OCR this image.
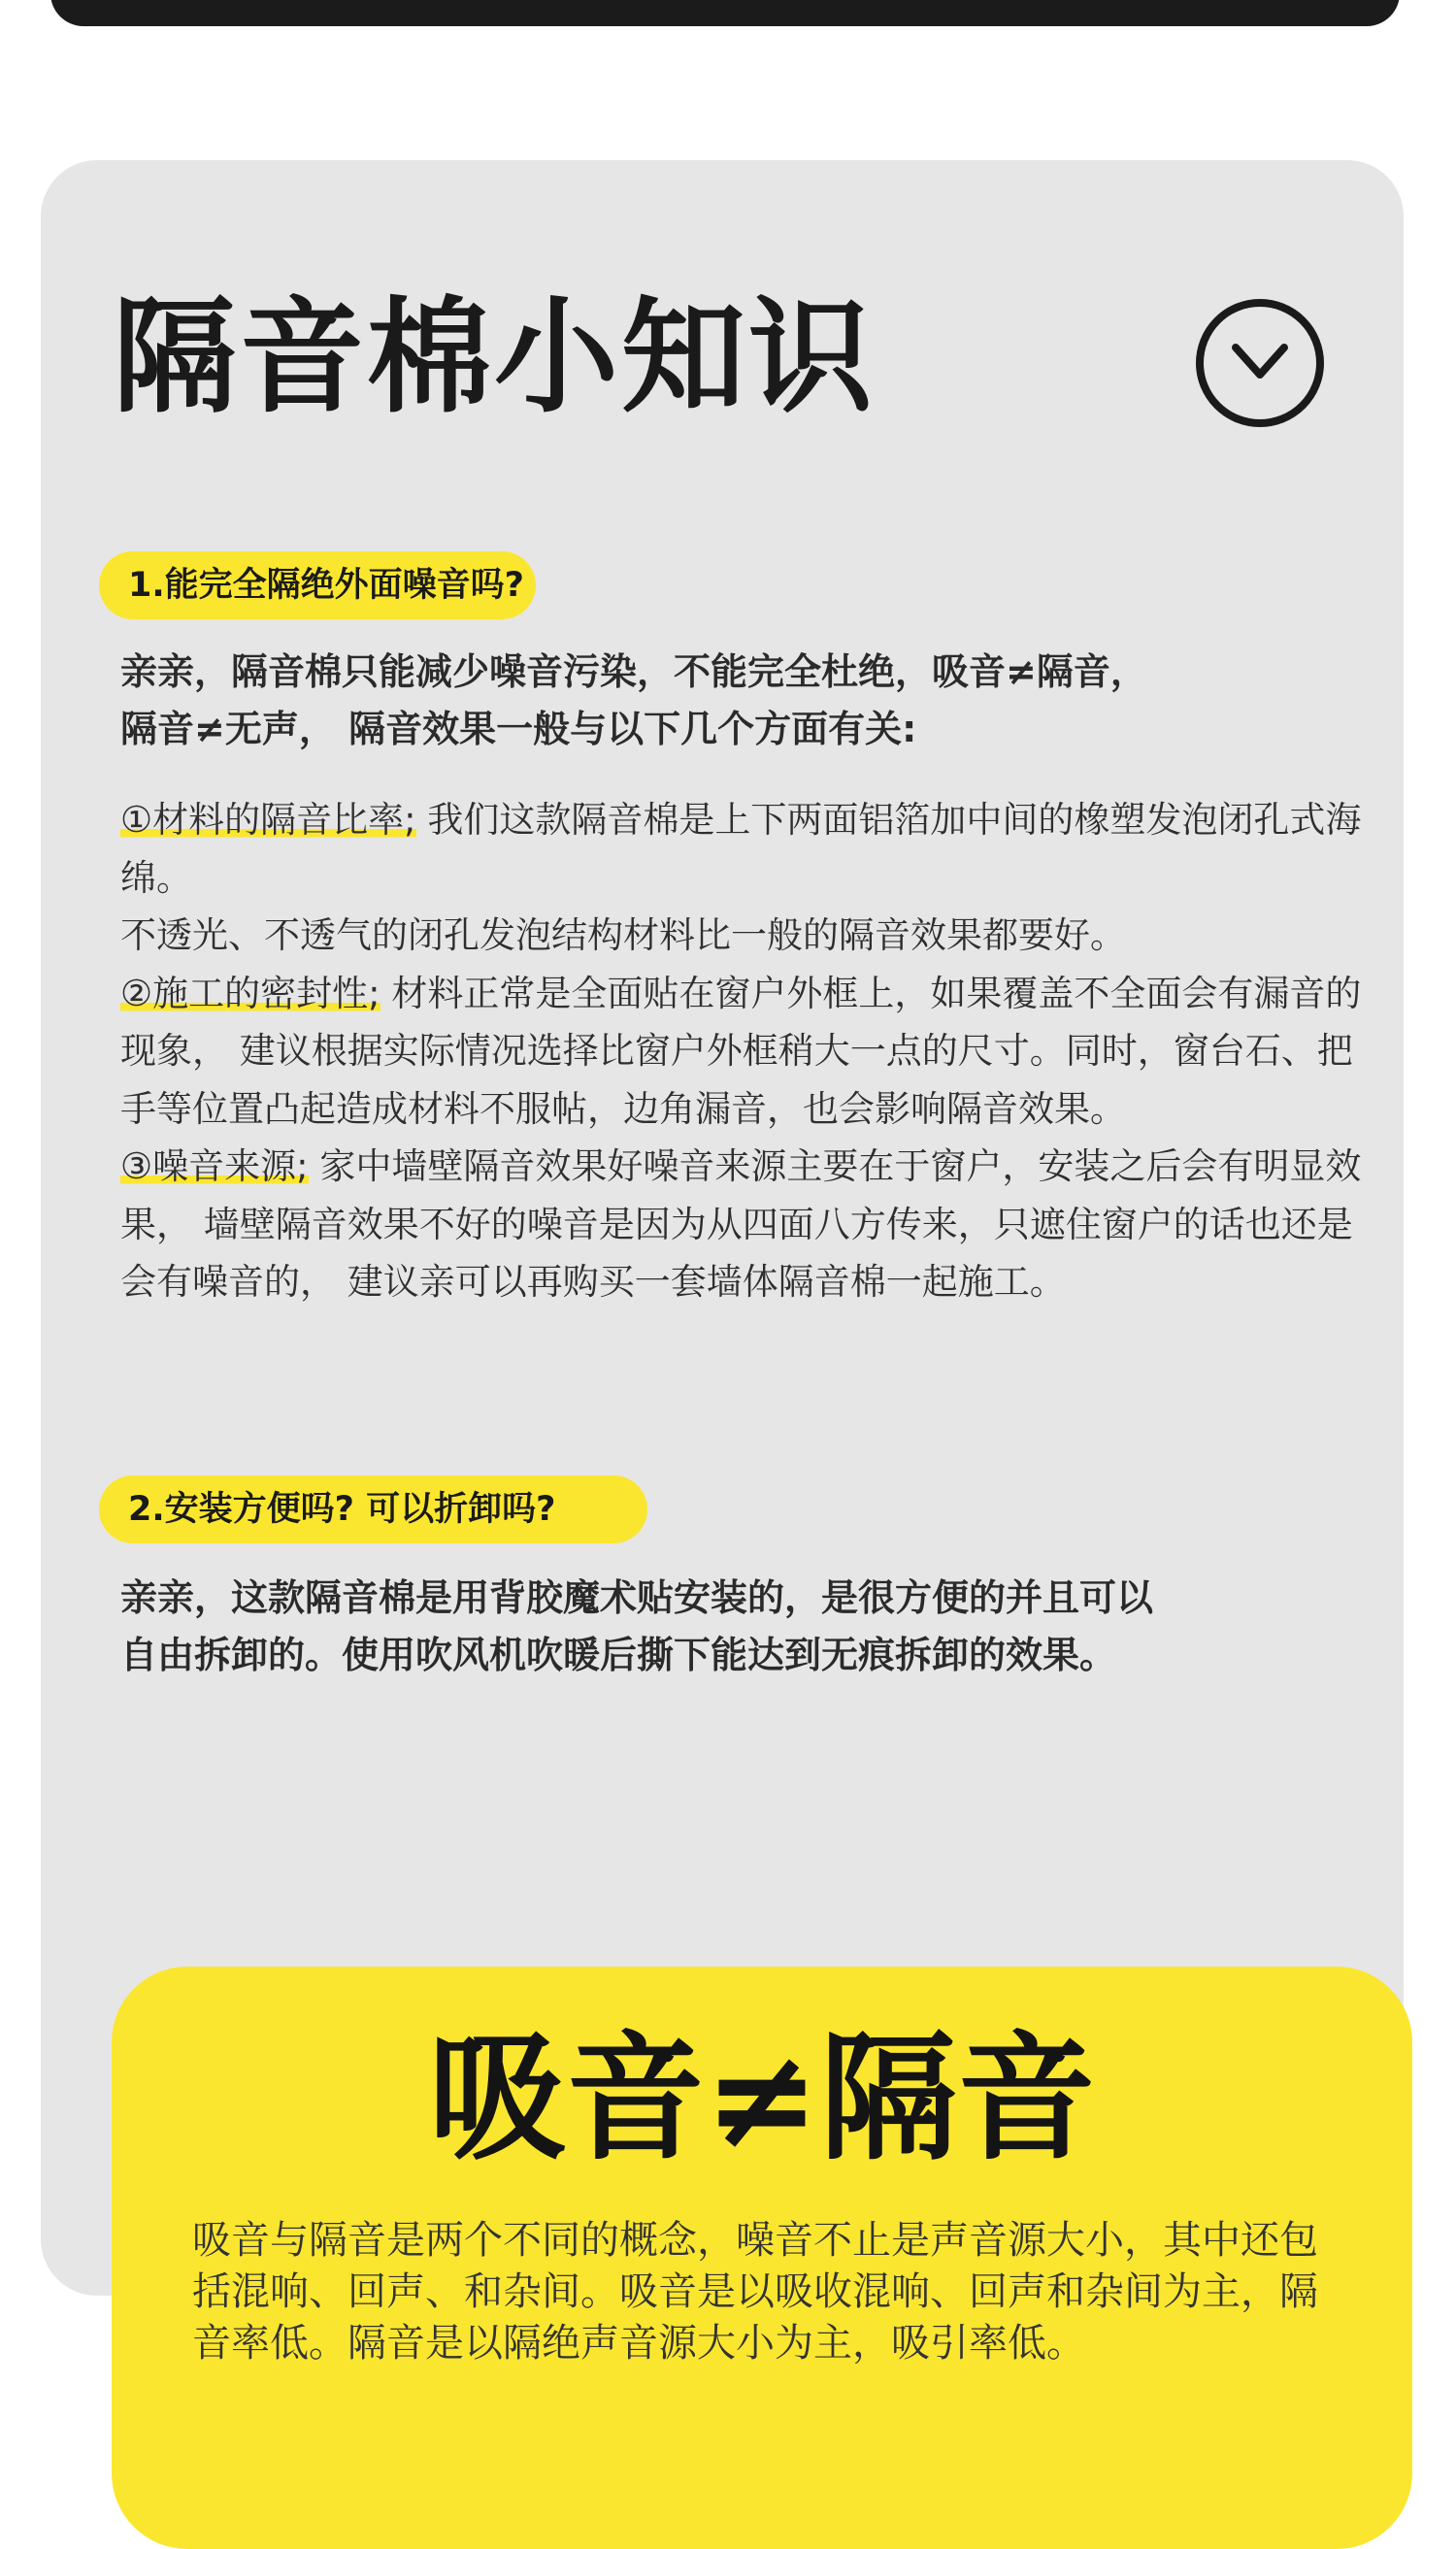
隔音棉小知识
1.能完全隔绝外面噪音吗?

亲亲，隔音棉只能减少噪音污染，不能完全杜绝，吸音≠隔音，
隔音≠无声， 隔音效果一般与以下几个方面有关:

①材料的隔音比率; 我们这款隔音棉是上下两面铝箔加中间的橡塑发泡闭孔式海绵。
不透光、不透气的闭孔发泡结构材料比一般的隔音效果都要好。

②施工的密封性; 材料正常是全面贴在窗户外框上，如果覆盖不全面会有漏音的现象， 建议根据实际情况选择比窗户外框稍大一点的尺寸。同时，窗台石、把手等位置凸起造成材料不服帖，边角漏音，也会影响隔音效果。

③噪音来源; 家中墙壁隔音效果好噪音来源主要在于窗户，安装之后会有明显效果， 墙壁隔音效果不好的噪音是因为从四面八方传来，只遮住窗户的话也还是会有噪音的， 建议亲可以再购买一套墙体隔音棉一起施工。

2.安装方便吗? 可以折卸吗?

亲亲，这款隔音棉是用背胶魔术贴安装的，是很方便的并且可以
自由拆卸的。使用吹风机吹暖后撕下能达到无痕拆卸的效果。

吸音≠隔音

吸音与隔音是两个不同的概念，噪音不止是声音源大小，其中还包括混响、回声、和杂间。吸音是以吸收混响、回声和杂间为主，隔音率低。隔音是以隔绝声音源大小为主，吸引率低。
